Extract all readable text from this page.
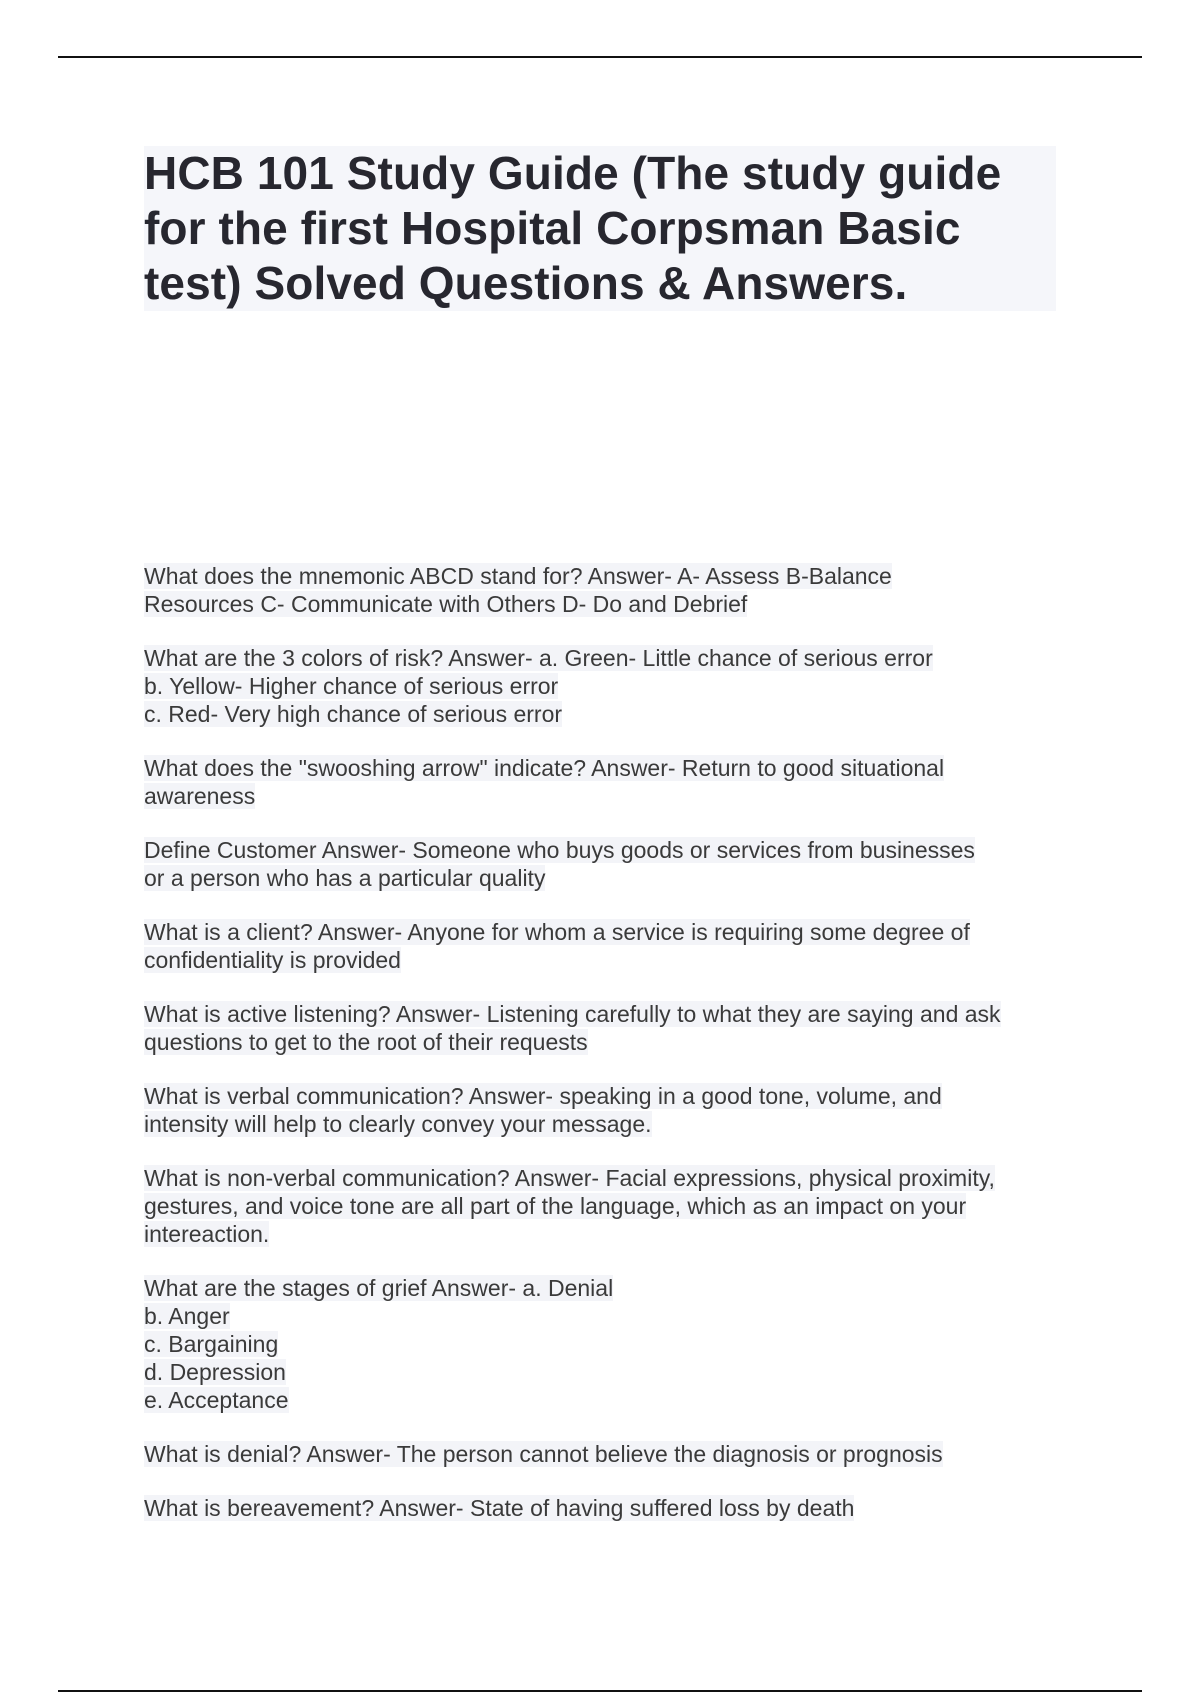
HCB 101 Study Guide (The study guide
for the first Hospital Corpsman Basic
test) Solved Questions & Answers.
What does the mnemonic ABCD stand for? Answer- A- Assess B-Balance
Resources C- Communicate with Others D- Do and Debrief
What are the 3 colors of risk? Answer- a. Green- Little chance of serious error
b. Yellow- Higher chance of serious error
c. Red- Very high chance of serious error
What does the "swooshing arrow" indicate? Answer- Return to good situational
awareness
Define Customer Answer- Someone who buys goods or services from businesses
or a person who has a particular quality
What is a client? Answer- Anyone for whom a service is requiring some degree of
confidentiality is provided
What is active listening? Answer- Listening carefully to what they are saying and ask
questions to get to the root of their requests
What is verbal communication? Answer- speaking in a good tone, volume, and
intensity will help to clearly convey your message.
What is non-verbal communication? Answer- Facial expressions, physical proximity,
gestures, and voice tone are all part of the language, which as an impact on your
intereaction.
What are the stages of grief Answer- a. Denial
b. Anger
c. Bargaining
d. Depression
e. Acceptance
What is denial? Answer- The person cannot believe the diagnosis or prognosis
What is bereavement? Answer- State of having suffered loss by death
